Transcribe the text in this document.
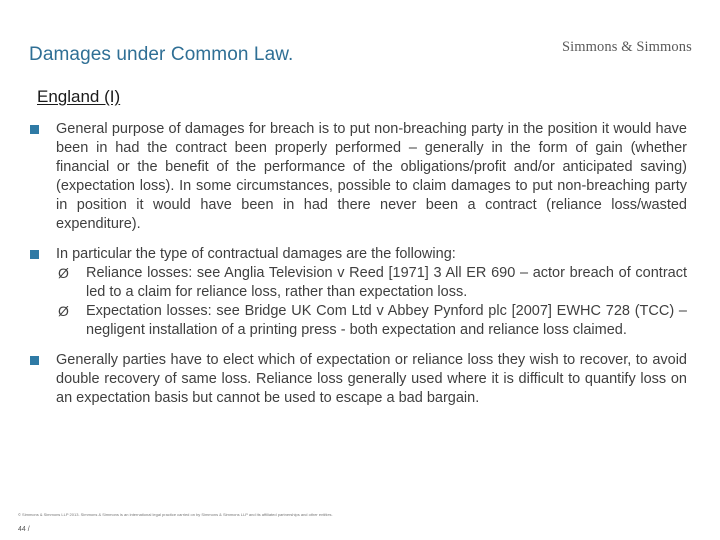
Damages under Common Law.	Simmons & Simmons
England (I)
General purpose of damages for breach is to put non-breaching party in the position it would have been in had the contract been properly performed – generally in the form of gain (whether financial or the benefit of the performance of the obligations/profit and/or anticipated saving) (expectation loss). In some circumstances, possible to claim damages to put non-breaching party in position it would have been in had there never been a contract (reliance loss/wasted expenditure).
In particular the type of contractual damages are the following:
Ø Reliance losses: see Anglia Television v Reed [1971] 3 All ER 690 – actor breach of contract led to a claim for reliance loss, rather than expectation loss.
Ø Expectation losses: see Bridge UK Com Ltd v Abbey Pynford plc [2007] EWHC 728 (TCC) – negligent installation of a printing press - both expectation and reliance loss claimed.
Generally parties have to elect which of expectation or reliance loss they wish to recover, to avoid double recovery of same loss. Reliance loss generally used where it is difficult to quantify loss on an expectation basis but cannot be used to escape a bad bargain.
© Simmons & Simmons LLP 2013. Simmons & Simmons is an international legal practice carried on by Simmons & Simmons LLP and its affiliated partnerships and other entities.
44 /
